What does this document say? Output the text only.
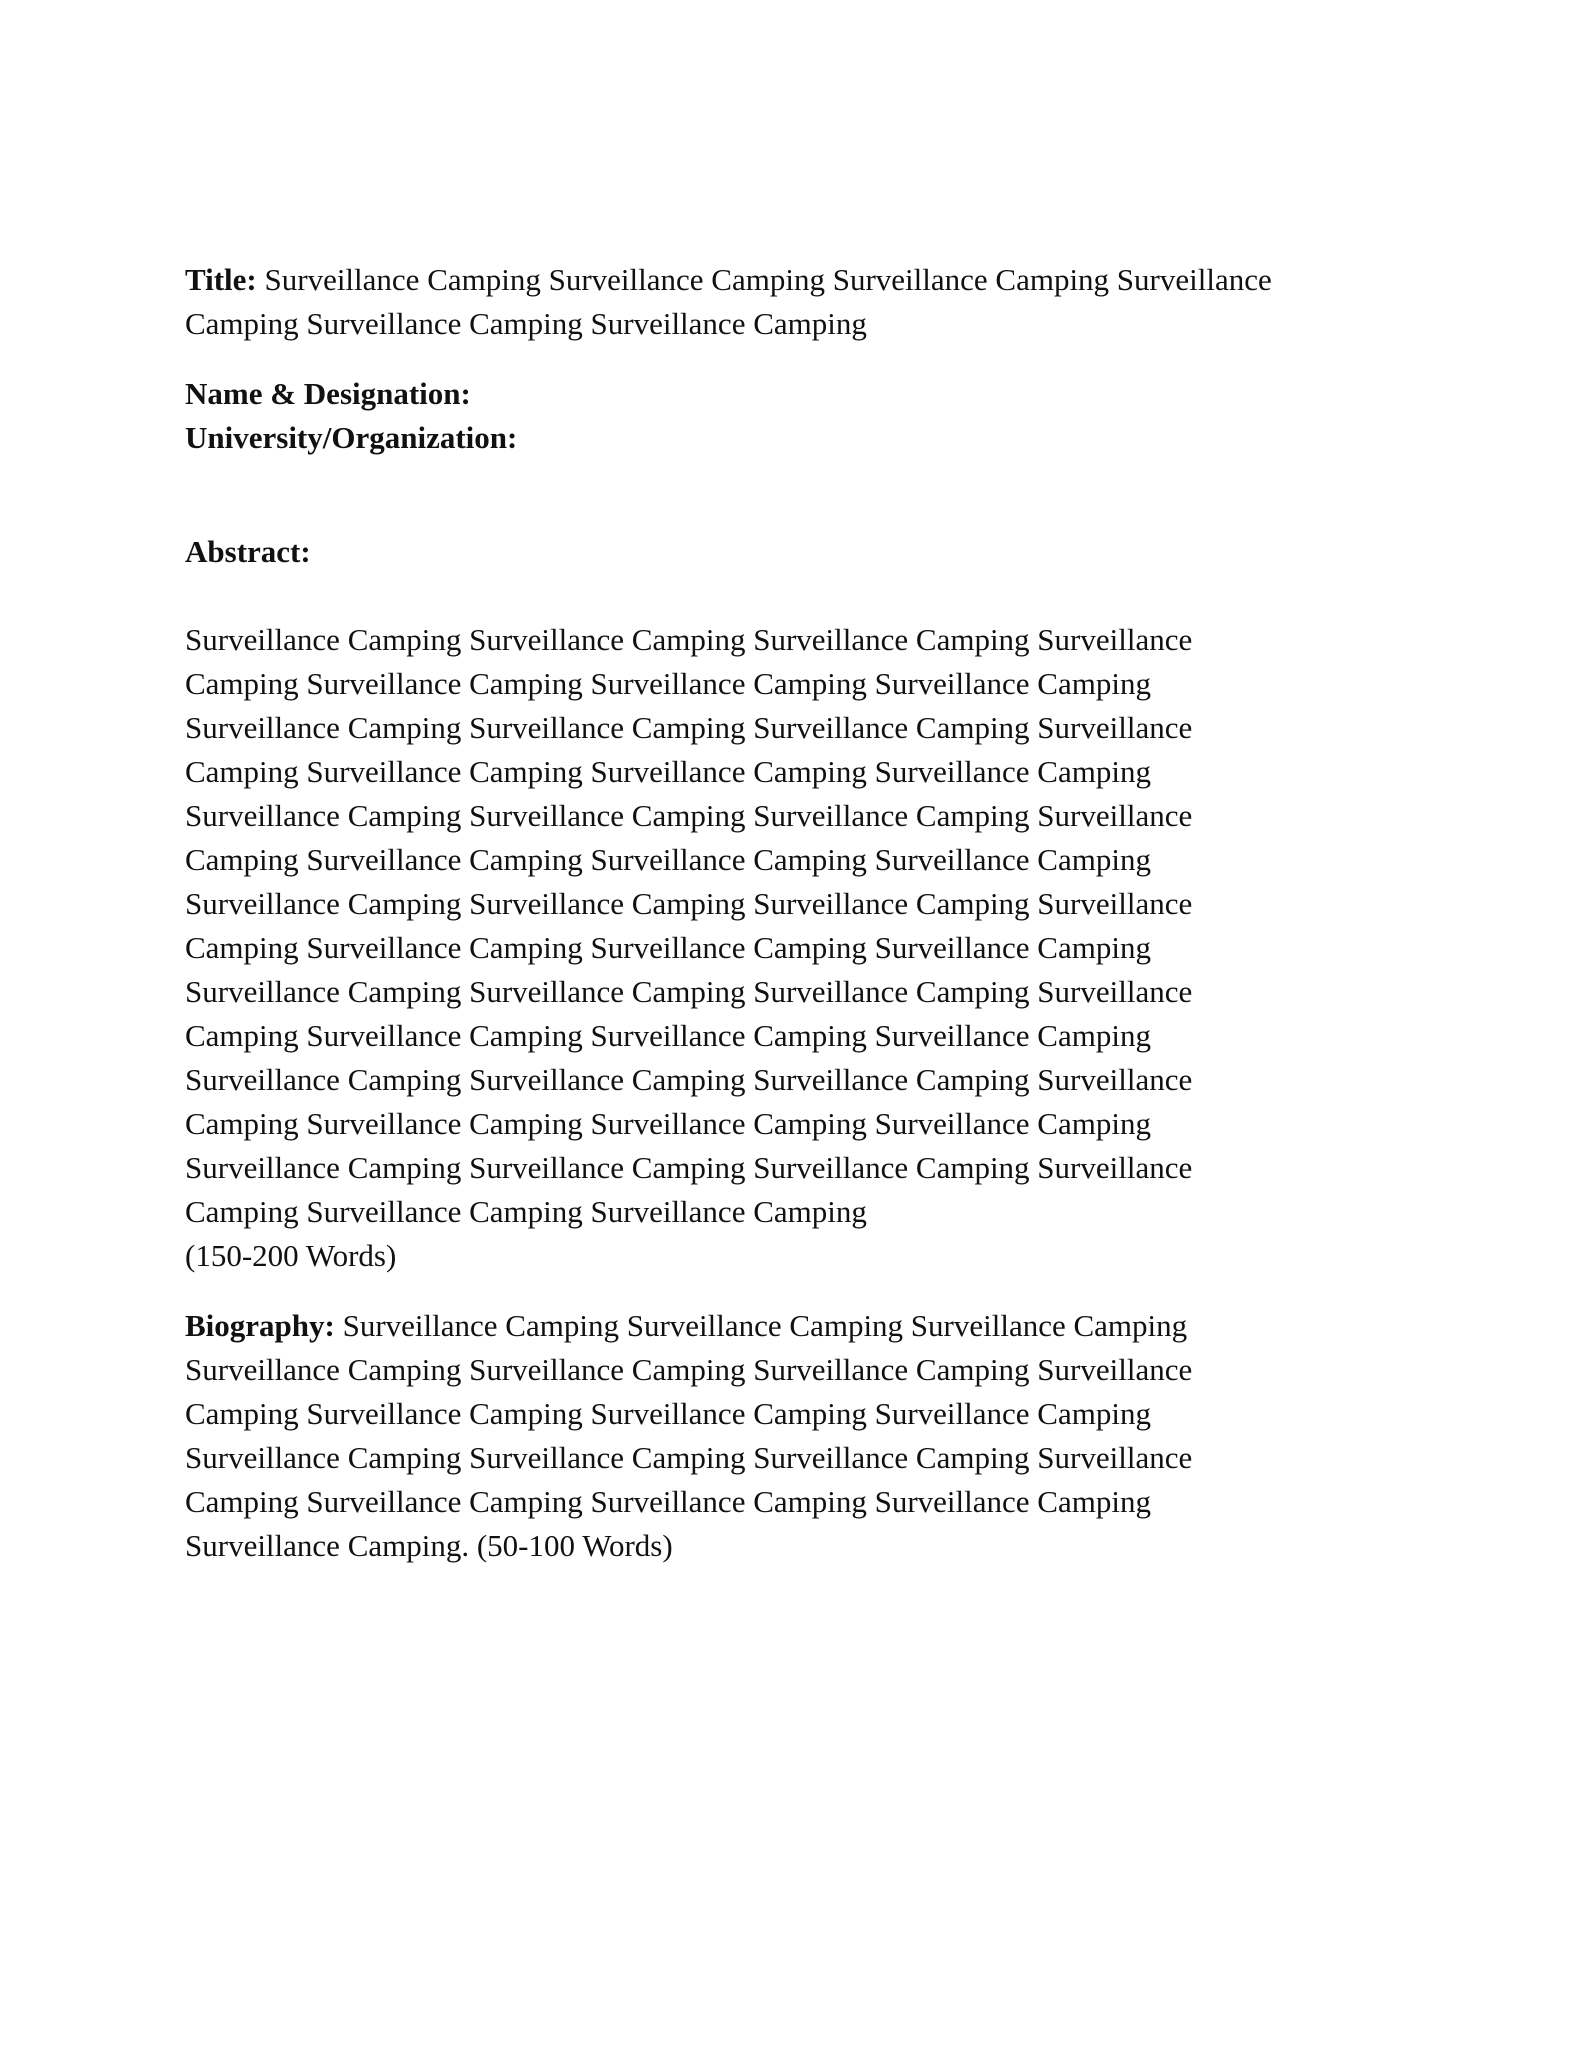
Title: Surveillance Camping Surveillance Camping Surveillance Camping Surveillance
Camping Surveillance Camping Surveillance Camping

Name & Designation:

University/Organization:

Abstract:

Surveillance Camping Surveillance Camping Surveillance Camping Surveillance
Camping Surveillance Camping Surveillance Camping Surveillance Camping
Surveillance Camping Surveillance Camping Surveillance Camping Surveillance
Camping Surveillance Camping Surveillance Camping Surveillance Camping
Surveillance Camping Surveillance Camping Surveillance Camping Surveillance
Camping Surveillance Camping Surveillance Camping Surveillance Camping
Surveillance Camping Surveillance Camping Surveillance Camping Surveillance
Camping Surveillance Camping Surveillance Camping Surveillance Camping
Surveillance Camping Surveillance Camping Surveillance Camping Surveillance
Camping Surveillance Camping Surveillance Camping Surveillance Camping
Surveillance Camping Surveillance Camping Surveillance Camping Surveillance
Camping Surveillance Camping Surveillance Camping Surveillance Camping
Surveillance Camping Surveillance Camping Surveillance Camping Surveillance
Camping Surveillance Camping Surveillance Camping

(150-200 Words)

Biography: Surveillance Camping Surveillance Camping Surveillance Camping
Surveillance Camping Surveillance Camping Surveillance Camping Surveillance
Camping Surveillance Camping Surveillance Camping Surveillance Camping
Surveillance Camping Surveillance Camping Surveillance Camping Surveillance
Camping Surveillance Camping Surveillance Camping Surveillance Camping
Surveillance Camping. (50-100 Words)
